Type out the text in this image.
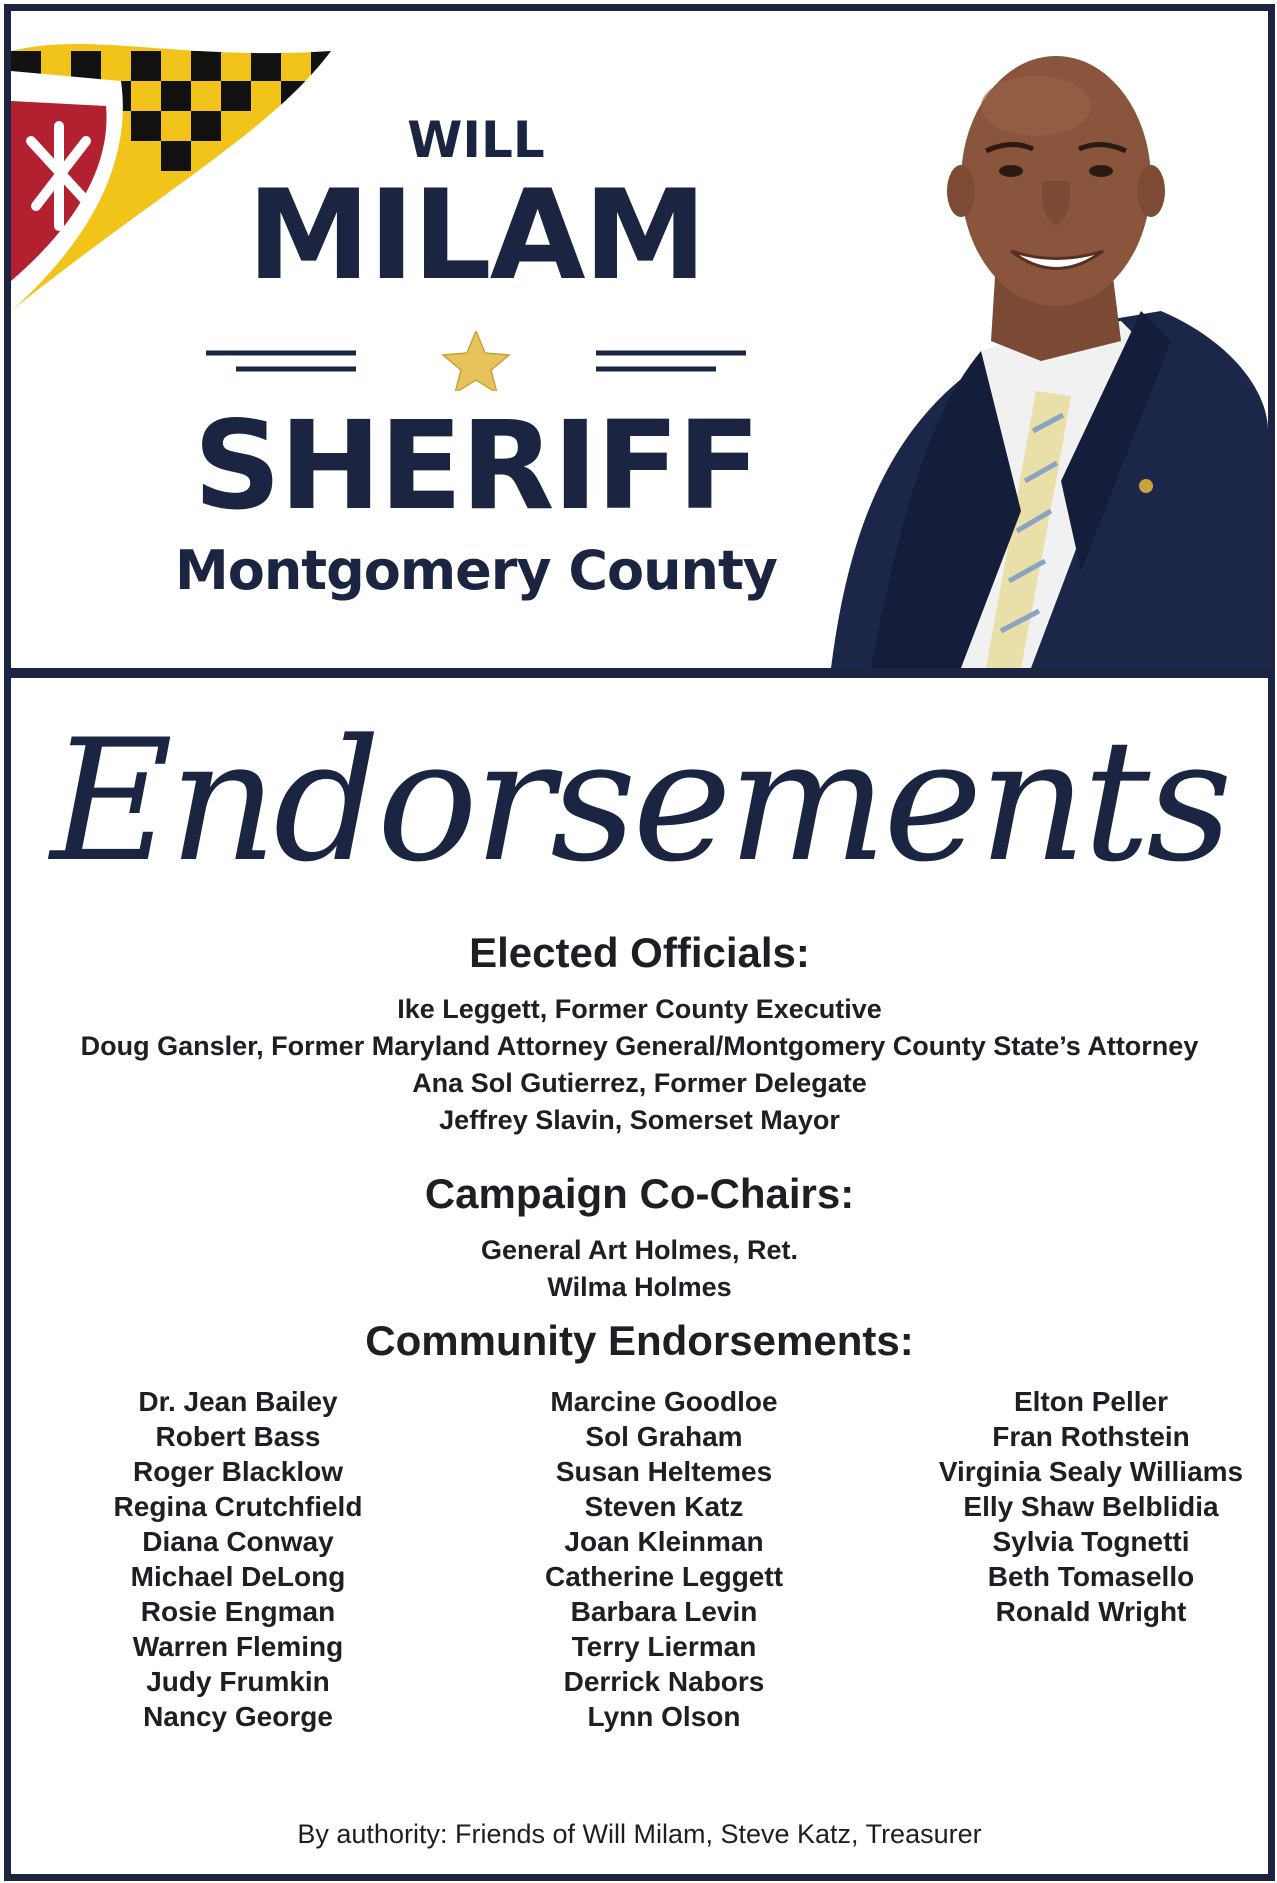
WILL
MILAM
SHERIFF
Montgomery County
Endorsements
Elected Officials:
Ike Leggett, Former County Executive
Doug Gansler, Former Maryland Attorney General/Montgomery County State’s Attorney
Ana Sol Gutierrez, Former Delegate
Jeffrey Slavin, Somerset Mayor
Campaign Co-Chairs:
General Art Holmes, Ret.
Wilma Holmes
Community Endorsements:
Dr. Jean Bailey
Robert Bass
Roger Blacklow
Regina Crutchfield
Diana Conway
Michael DeLong
Rosie Engman
Warren Fleming
Judy Frumkin
Nancy George
Marcine Goodloe
Sol Graham
Susan Heltemes
Steven Katz
Joan Kleinman
Catherine Leggett
Barbara Levin
Terry Lierman
Derrick Nabors
Lynn Olson
Elton Peller
Fran Rothstein
Virginia Sealy Williams
Elly Shaw Belblidia
Sylvia Tognetti
Beth Tomasello
Ronald Wright
By authority: Friends of Will Milam, Steve Katz, Treasurer
